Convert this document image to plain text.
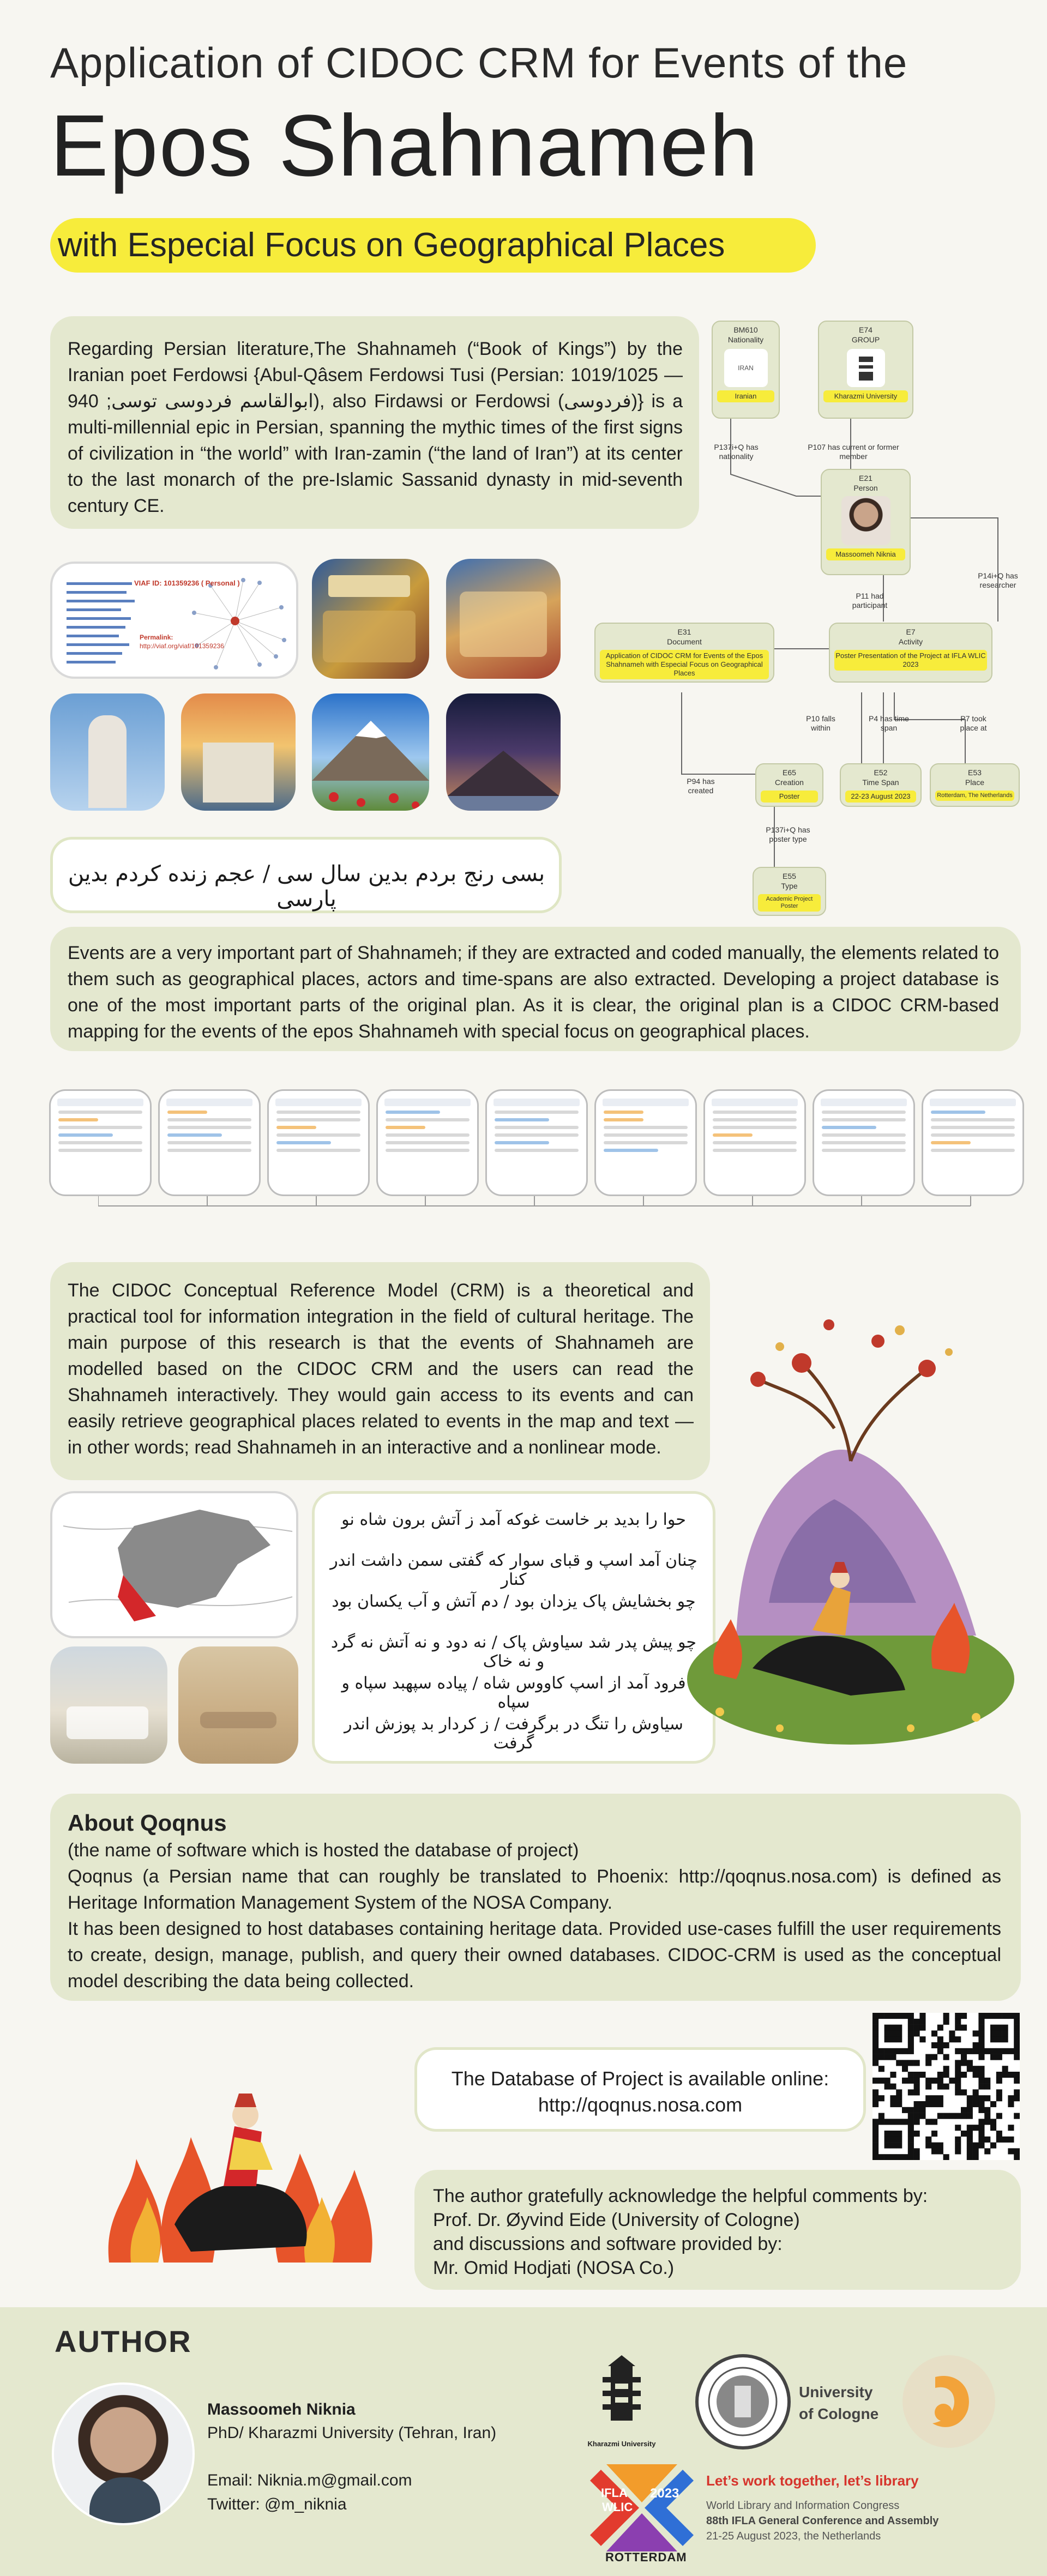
Application of CIDOC CRM for Events of the
Epos Shahnameh
with Especial Focus on Geographical Places
Regarding Persian literature,The Shahnameh (“Book of Kings”) by the Iranian poet Ferdowsi {Abul-Qâsem Ferdowsi Tusi (Persian: 1019/1025 — 940 ;ابوالقاسم فردوسی توسی), also Firdawsi or Ferdowsi (فردوسی)} is a multi-millennial epic in Persian, spanning the mythic times of the first signs of civilization in “the world” with Iran-zamin (“the land of Iran”) at its center to the last monarch of the pre-Islamic Sassanid dynasty in mid-seventh century CE.
VIAF ID: 101359236 ( Personal )
Permalink:
http://viaf.org/viaf/101359236
بسی رنج بردم بدین سال سی / عجم زنده کردم بدین پارسی
BM610
Nationality
IRAN
Iranian
E74
GROUP
Kharazmi University
P137i+Q has nationality
P107 has current or former member
E21
Person
Massoomeh Niknia
P14i+Q has researcher
P11 had participant
E31
Document
Application of CIDOC CRM for Events of the Epos Shahnameh with Especial Focus on Geographical Places
E7
Activity
Poster Presentation of the Project at IFLA WLIC 2023
P10 falls within
P4 has time span
P7 took place at
E65
Creation
Poster
E52
Time Span
22-23 August 2023
E53
Place
Rotterdam, The Netherlands
P94 has created
P137i+Q has poster type
E55
Type
Academic Project Poster
Events are a very important part of Shahnameh; if they are extracted and coded manually, the elements related to them such as geographical places, actors and time-spans are also extracted. Developing a project database is one of the most important parts of the original plan. As it is clear, the original plan is a CIDOC CRM-based mapping for the events of the epos Shahnameh with special focus on geographical places.
The CIDOC Conceptual Reference Model (CRM) is a theoretical and practical tool for information integration in the field of cultural heritage. The main purpose of this research is that the events of Shahnameh are modelled based on the CIDOC CRM and the users can read the Shahnameh interactively. They would gain access to its events and can easily retrieve geographical places related to events in the map and text — in other words; read Shahnameh in an interactive and a nonlinear mode.
حوا را بدید بر خاست غوکه آمد ز آتش برون شاه نو
چنان آمد اسپ و قبای سوار که گفتی سمن داشت اندر کنار
چو بخشایش پاک یزدان بود / دم آتش و آب یکسان بود
چو پیش پدر شد سیاوش پاک / نه دود و نه آتش نه گرد و نه خاک
فرود آمد از اسپ کاووس شاه / پیاده سپهبد سپاه و سپاه
سیاوش را تنگ در برگرفت / ز کردار بد پوزش اندر گرفت
About Qoqnus
(the name of software which is hosted the database of project)
Qoqnus (a Persian name that can roughly be translated to Phoenix: http://qoqnus.nosa.com) is defined as Heritage Information Management System of the NOSA Company.
It has been designed to host databases containing heritage data. Provided use-cases fulfill the user requirements to create, design, manage, publish, and query their owned databases. CIDOC-CRM is used as the conceptual model describing the data being collected.
The Database of Project is available online:
http://qoqnus.nosa.com
The author gratefully acknowledge the helpful comments by:
Prof. Dr. Øyvind Eide (University of Cologne)
and discussions and software provided by:
Mr. Omid Hodjati (NOSA Co.)
AUTHOR
Massoomeh Niknia
PhD/ Kharazmi University (Tehran, Iran)
Email: Niknia.m@gmail.com
Twitter: @m_niknia
Kharazmi University
University
of Cologne
IFLA
WLIC
2023
ROTTERDAM
Let’s work together, let’s library
World Library and Information Congress
88th IFLA General Conference and Assembly
21-25 August 2023, the Netherlands
